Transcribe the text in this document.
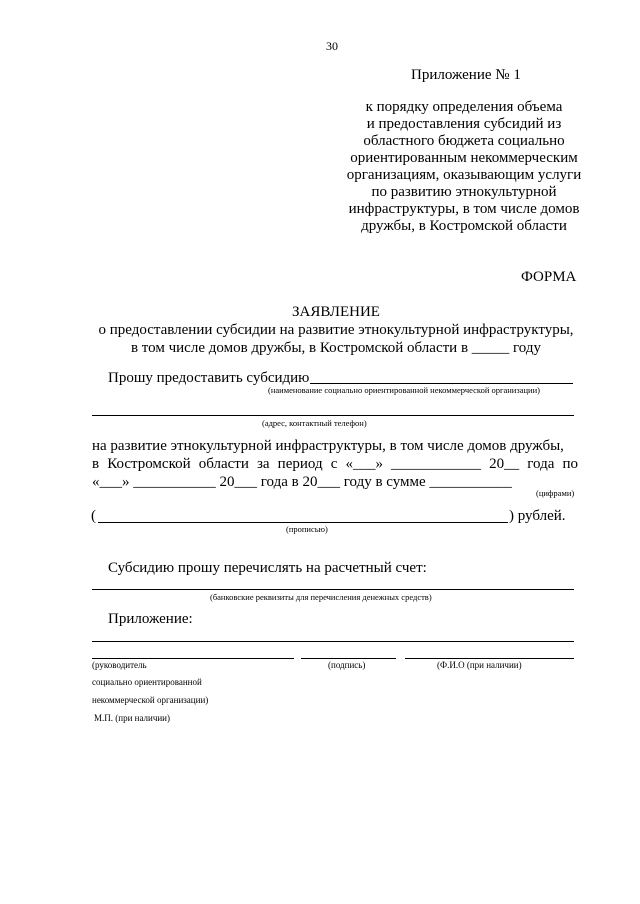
30
Приложение № 1
к порядку определения объема
и предоставления субсидий из
областного бюджета социально
ориентированным некоммерческим
организациям, оказывающим услуги
по развитию этнокультурной
инфраструктуры, в том числе домов
дружбы, в Костромской области
ФОРМА
ЗАЯВЛЕНИЕ
о предоставлении субсидии на развитие этнокультурной инфраструктуры,
в том числе домов дружбы, в Костромской области в _____ году
Прошу предоставить субсидию
(наименование социально ориентированной некоммерческой организации)
(адрес, контактный телефон)
на развитие этнокультурной инфраструктуры, в том числе домов дружбы,
в Костромской области за период с «___» ____________ 20__ года по
«___» ___________ 20___ года в 20___ году в сумме ___________
(цифрами)
(	) рублей.
(прописью)
Субсидию прошу перечислять на расчетный счет:
(банковские реквизиты для перечисления денежных средств)
Приложение:
(руководитель	(подпись)	(Ф.И.О (при наличии)
социально ориентированной
некоммерческой организации)
М.П. (при наличии)
